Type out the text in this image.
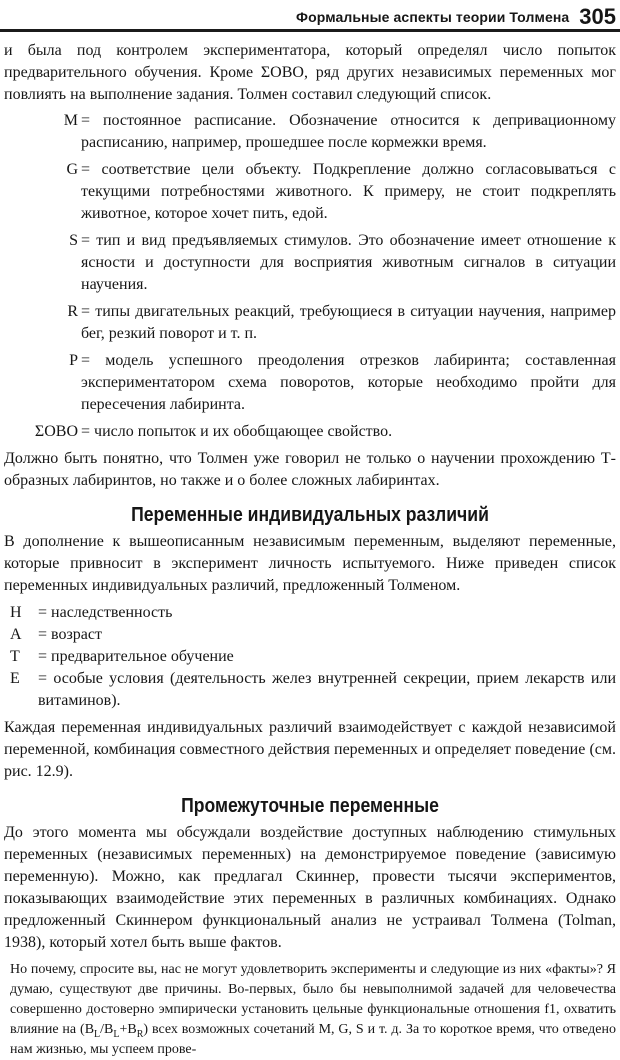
Формальные аспекты теории Толмена 305

и была под контролем экспериментатора, который определял число попыток предварительного обучения. Кроме ΣOBO, ряд других независимых переменных мог повлиять на выполнение задания. Толмен составил следующий список.

M = постоянное расписание. Обозначение относится к депривационному расписанию, например, прошедшее после кормежки время.
G = соответствие цели объекту. Подкрепление должно согласовываться с текущими потребностями животного. К примеру, не стоит подкреплять животное, которое хочет пить, едой.
S = тип и вид предъявляемых стимулов. Это обозначение имеет отношение к ясности и доступности для восприятия животным сигналов в ситуации научения.
R = типы двигательных реакций, требующиеся в ситуации научения, например бег, резкий поворот и т. п.
P = модель успешного преодоления отрезков лабиринта; составленная экспериментатором схема поворотов, которые необходимо пройти для пересечения лабиринта.
ΣOBO = число попыток и их обобщающее свойство.

Должно быть понятно, что Толмен уже говорил не только о научении прохождению Т-образных лабиринтов, но также и о более сложных лабиринтах.

Переменные индивидуальных различий

В дополнение к вышеописанным независимым переменным, выделяют переменные, которые привносит в эксперимент личность испытуемого. Ниже приведен список переменных индивидуальных различий, предложенный Толменом.

H	= наследственность
A	= возраст
T	= предварительное обучение
E	= особые условия (деятельность желез внутренней секреции, прием лекарств или витаминов).

Каждая переменная индивидуальных различий взаимодействует с каждой независимой переменной, комбинация совместного действия переменных и определяет поведение (см. рис. 12.9).

Промежуточные переменные

До этого момента мы обсуждали воздействие доступных наблюдению стимульных переменных (независимых переменных) на демонстрируемое поведение (зависимую переменную). Можно, как предлагал Скиннер, провести тысячи экспериментов, показывающих взаимодействие этих переменных в различных комбинациях. Однако предложенный Скиннером функциональный анализ не устраивал Толмена (Tolman, 1938), который хотел быть выше фактов.

Но почему, спросите вы, нас не могут удовлетворить эксперименты и следующие из них «факты»? Я думаю, существуют две причины. Во-первых, было бы невыполнимой задачей для человечества совершенно достоверно эмпирически установить цельные функциональные отношения f1, охватить влияние на $(B_L/B_L+B_R)$ всех возможных сочетаний M, G, S и т. д. За то короткое время, что отведено нам жизнью, мы успеем прове-
